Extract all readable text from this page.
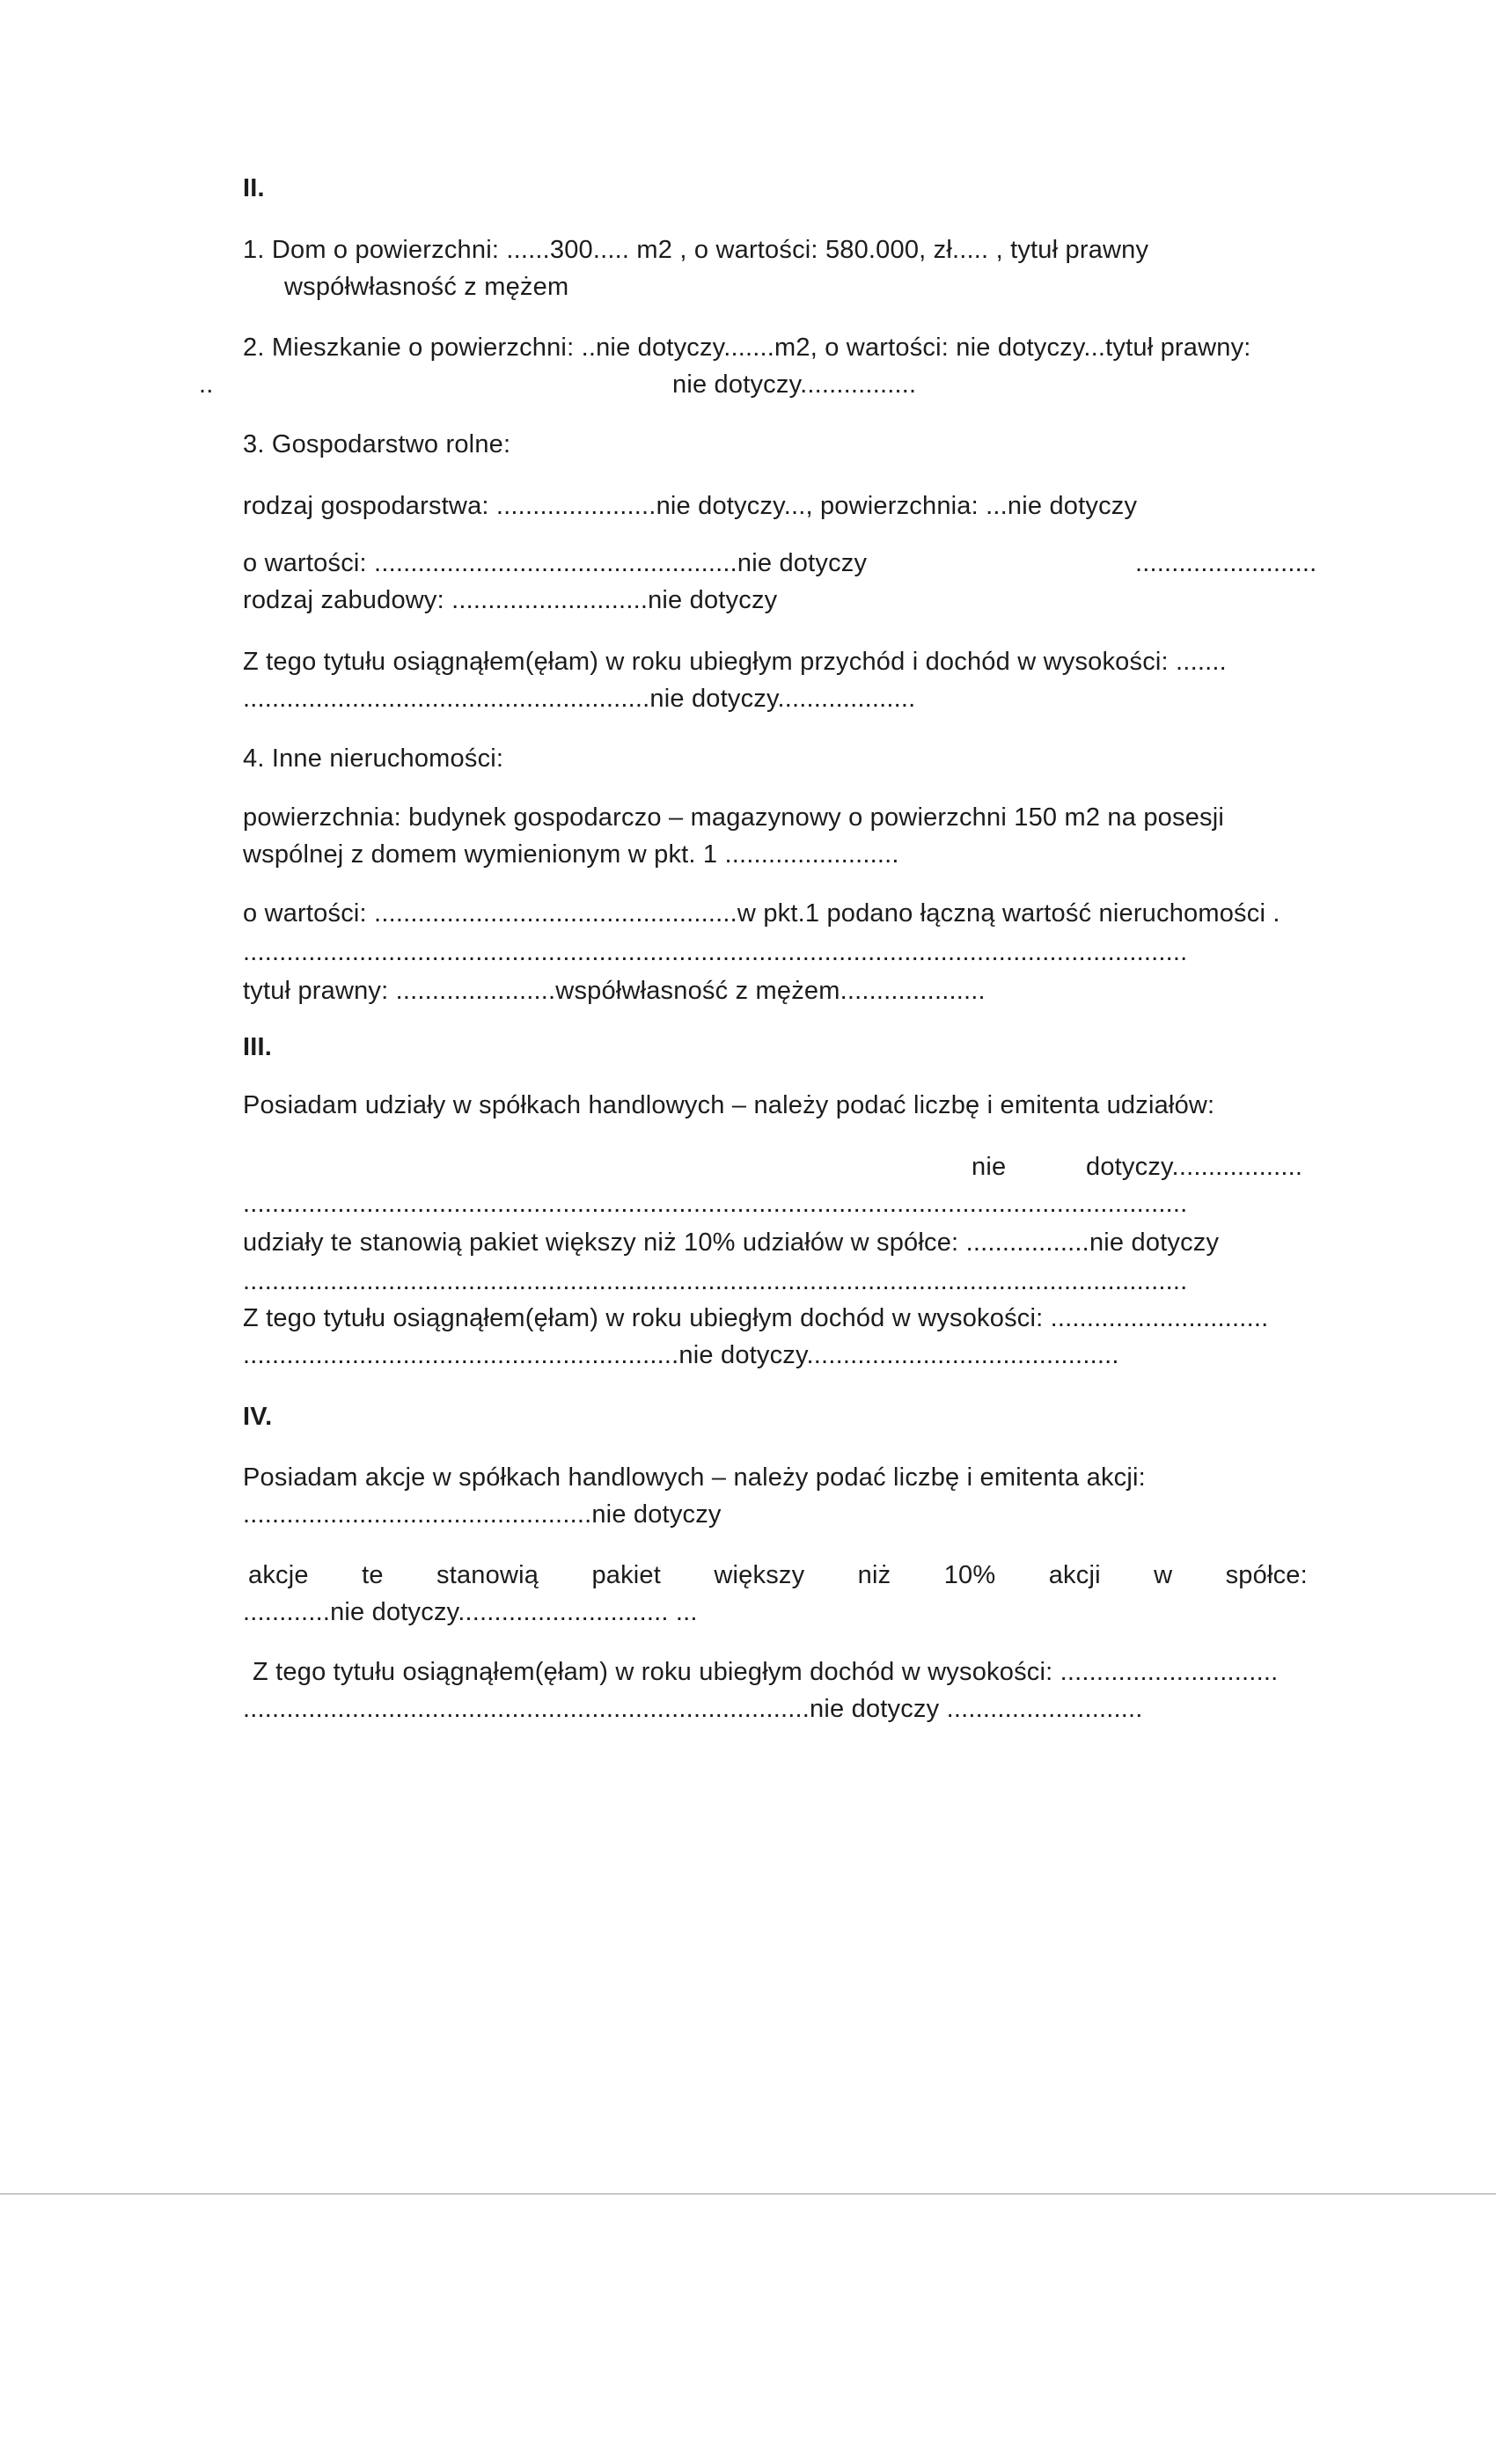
II.
1. Dom o powierzchni: ......300..... m2 , o wartości: 580.000, zł..... , tytuł prawny
współwłasność z mężem
2. Mieszkanie o powierzchni: ..nie dotyczy.......m2, o wartości: nie dotyczy...tytuł prawny:
..	nie dotyczy................
3. Gospodarstwo rolne:
rodzaj gospodarstwa: ......................nie dotyczy..., powierzchnia: ...nie dotyczy
o wartości: ..................................................nie dotyczy	.........................
rodzaj zabudowy: ...........................nie dotyczy
Z tego tytułu osiągnąłem(ęłam) w roku ubiegłym przychód i dochód w wysokości: .......
........................................................nie dotyczy...................
4. Inne nieruchomości:
powierzchnia: budynek gospodarczo – magazynowy o powierzchni 150 m2 na posesji
wspólnej z domem wymienionym w pkt. 1 ........................
o wartości: ..................................................w pkt.1 podano łączną wartość nieruchomości .
..................................................................................................................................
tytuł prawny: ......................współwłasność z mężem....................
III.
Posiadam udziały w spółkach handlowych – należy podać liczbę i emitenta udziałów:
nie	dotyczy..................
..................................................................................................................................
udziały te stanowią pakiet większy niż 10% udziałów w spółce: .................nie dotyczy
..................................................................................................................................
Z tego tytułu osiągnąłem(ęłam) w roku ubiegłym dochód w wysokości: ..............................
............................................................nie dotyczy...........................................
IV.
Posiadam akcje w spółkach handlowych – należy podać liczbę i emitenta akcji:
................................................nie dotyczy
akcje te stanowią pakiet większy niż 10% akcji w spółce:
............nie dotyczy............................. ...
Z tego tytułu osiągnąłem(ęłam) w roku ubiegłym dochód w wysokości: ..............................
..............................................................................nie dotyczy ...........................
